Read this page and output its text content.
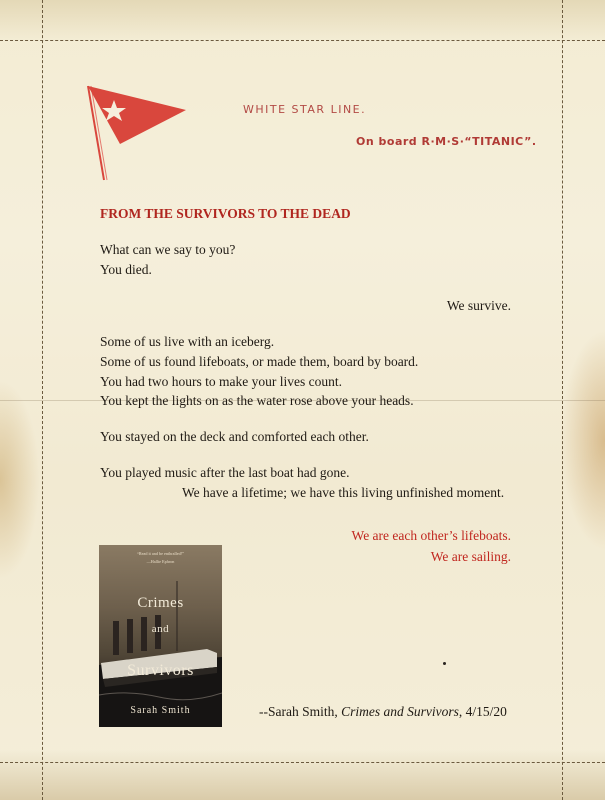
WHITE STAR LINE.
On board R·M·S·“TITANIC”.
FROM THE SURVIVORS TO THE DEAD
What can we say to you?
You died.
We survive.
Some of us live with an iceberg.
Some of us found lifeboats, or made them, board by board.
You had two hours to make your lives count.
You kept the lights on as the water rose above your heads.
You stayed on the deck and comforted each other.
You played music after the last boat had gone.
We have a lifetime; we have this living unfinished moment.
We are each other’s lifeboats.
We are sailing.
“Read it and be enthralled!”
—Hallie Ephron
Crimes
and
Survivors
Sarah Smith	--Sarah Smith, Crimes and Survivors, 4/15/20
